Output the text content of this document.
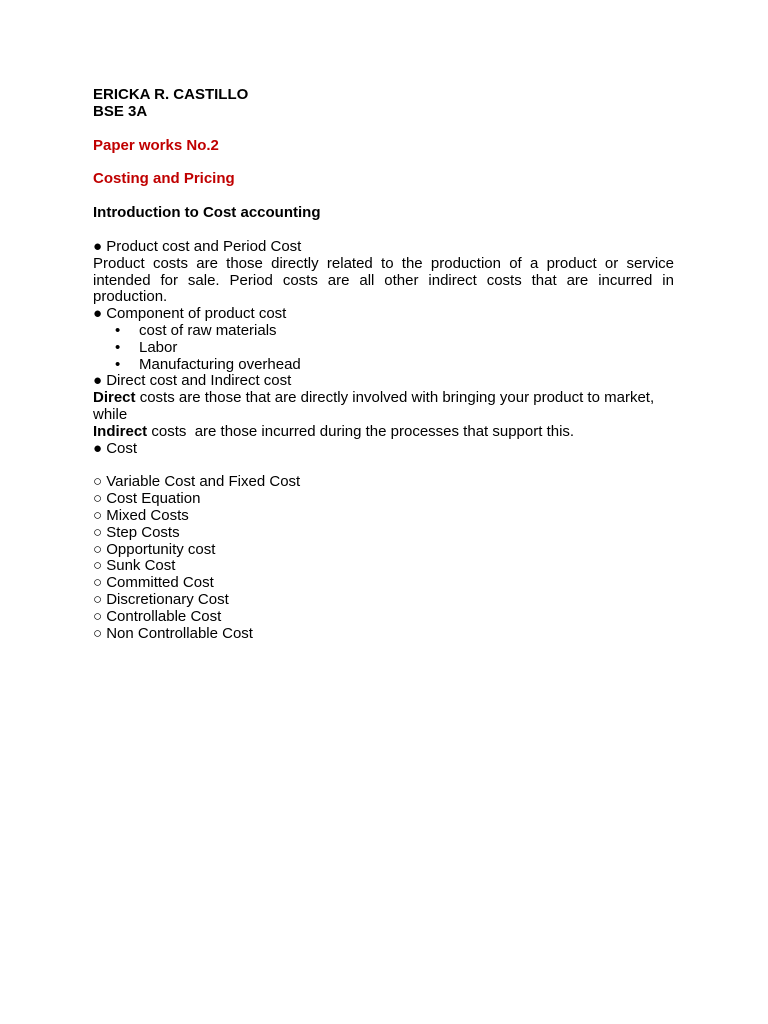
ERICKA R. CASTILLO
BSE 3A
Paper works No.2
Costing and Pricing
Introduction to Cost accounting
● Product cost and Period Cost
Product costs are those directly related to the production of a product or service intended for sale. Period costs are all other indirect costs that are incurred in production.
● Component of product cost
• cost of raw materials
• Labor
• Manufacturing overhead
● Direct cost and Indirect cost
Direct costs are those that are directly involved with bringing your product to market, while
Indirect costs  are those incurred during the processes that support this.
● Cost
○ Variable Cost and Fixed Cost
○ Cost Equation
○ Mixed Costs
○ Step Costs
○ Opportunity cost
○ Sunk Cost
○ Committed Cost
○ Discretionary Cost
○ Controllable Cost
○ Non Controllable Cost
